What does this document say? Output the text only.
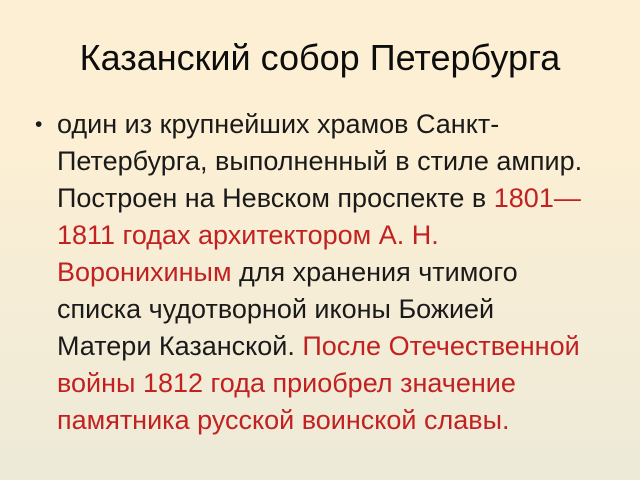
Казанский собор Петербурга
• один из крупнейших храмов Санкт-
Петербурга, выполненный в стиле ампир.
Построен на Невском проспекте в 1801—
1811 годах архитектором А. Н.
Воронихиным для хранения чтимого
списка чудотворной иконы Божией
Матери Казанской. После Отечественной
войны 1812 года приобрел значение
памятника русской воинской славы.
